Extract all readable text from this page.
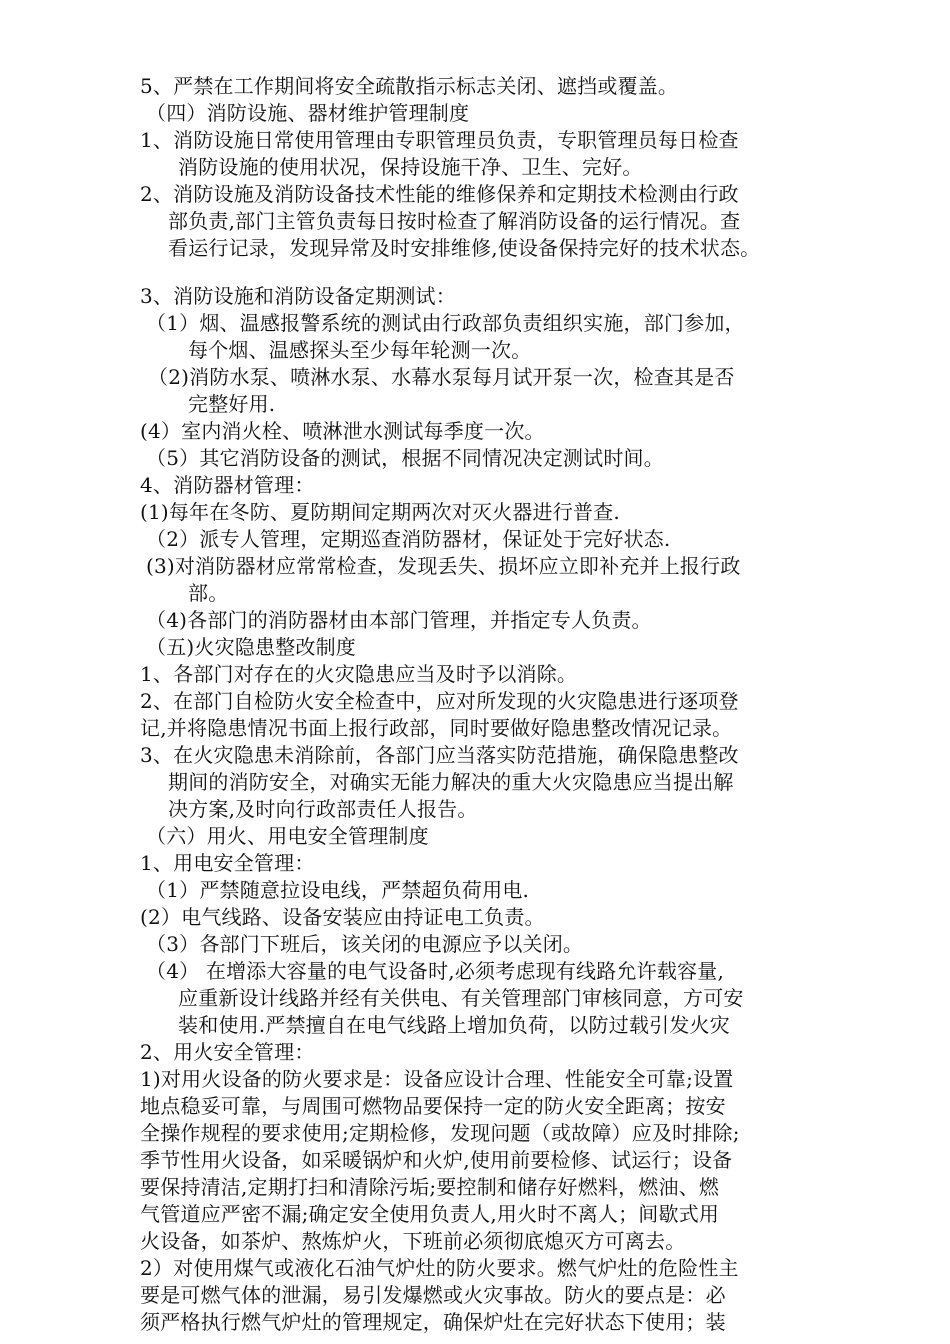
5、严禁在工作期间将安全疏散指示标志关闭、遮挡或覆盖。
（四）消防设施、器材维护管理制度
1、消防设施日常使用管理由专职管理员负责，专职管理员每日检查
消防设施的使用状况，保持设施干净、卫生、完好。
2、消防设施及消防设备技术性能的维修保养和定期技术检测由行政
部负责,部门主管负责每日按时检查了解消防设备的运行情况。查
看运行记录，发现异常及时安排维修,使设备保持完好的技术状态。
3、消防设施和消防设备定期测试：
（1）烟、温感报警系统的测试由行政部负责组织实施，部门参加，
每个烟、温感探头至少每年轮测一次。
（2)消防水泵、喷淋水泵、水幕水泵每月试开泵一次，检查其是否
完整好用.
(4）室内消火栓、喷淋泄水测试每季度一次。
（5）其它消防设备的测试，根据不同情况决定测试时间。
4、消防器材管理：
(1)每年在冬防、夏防期间定期两次对灭火器进行普查.
（2）派专人管理，定期巡查消防器材，保证处于完好状态.
(3)对消防器材应常常检查，发现丢失、损坏应立即补充并上报行政
部。
（4)各部门的消防器材由本部门管理，并指定专人负责。
（五)火灾隐患整改制度
1、各部门对存在的火灾隐患应当及时予以消除。
2、在部门自检防火安全检查中，应对所发现的火灾隐患进行逐项登
记,并将隐患情况书面上报行政部，同时要做好隐患整改情况记录。
3、在火灾隐患未消除前，各部门应当落实防范措施，确保隐患整改
期间的消防安全，对确实无能力解决的重大火灾隐患应当提出解
决方案,及时向行政部责任人报告。
（六）用火、用电安全管理制度
1、用电安全管理：
（1）严禁随意拉设电线，严禁超负荷用电.
(2）电气线路、设备安装应由持证电工负责。
（3）各部门下班后，该关闭的电源应予以关闭。
（4） 在增添大容量的电气设备时,必须考虑现有线路允许载容量,
应重新设计线路并经有关供电、有关管理部门审核同意，方可安
装和使用.严禁擅自在电气线路上增加负荷，以防过载引发火灾
2、用火安全管理：
1)对用火设备的防火要求是：设备应设计合理、性能安全可靠;设置
地点稳妥可靠，与周围可燃物品要保持一定的防火安全距离；按安
全操作规程的要求使用;定期检修，发现问题（或故障）应及时排除;
季节性用火设备，如采暖锅炉和火炉,使用前要检修、试运行；设备
要保持清洁,定期打扫和清除污垢;要控制和储存好燃料，燃油、燃
气管道应严密不漏;确定安全使用负责人,用火时不离人；间歇式用
火设备，如茶炉、熬炼炉火，下班前必须彻底熄灭方可离去。
2）对使用煤气或液化石油气炉灶的防火要求。燃气炉灶的危险性主
要是可燃气体的泄漏，易引发爆燃或火灾事故。防火的要点是：必
须严格执行燃气炉灶的管理规定，确保炉灶在完好状态下使用；装
